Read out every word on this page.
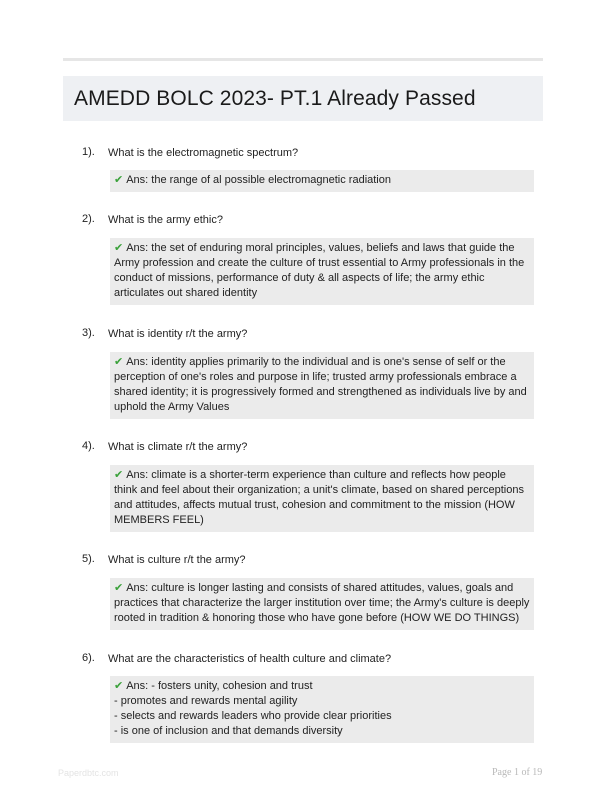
AMEDD BOLC 2023- PT.1 Already Passed
1). What is the electromagnetic spectrum?
✔ Ans: the range of al possible electromagnetic radiation
2). What is the army ethic?
✔ Ans: the set of enduring moral principles, values, beliefs and laws that guide the Army profession and create the culture of trust essential to Army professionals in the conduct of missions, performance of duty & all aspects of life; the army ethic articulates out shared identity
3). What is identity r/t the army?
✔ Ans: identity applies primarily to the individual and is one's sense of self or the perception of one's roles and purpose in life; trusted army professionals embrace a shared identity; it is progressively formed and strengthened as individuals live by and uphold the Army Values
4). What is climate r/t the army?
✔ Ans: climate is a shorter-term experience than culture and reflects how people think and feel about their organization; a unit's climate, based on shared perceptions and attitudes, affects mutual trust, cohesion and commitment to the mission (HOW MEMBERS FEEL)
5). What is culture r/t the army?
✔ Ans: culture is longer lasting and consists of shared attitudes, values, goals and practices that characterize the larger institution over time; the Army's culture is deeply rooted in tradition & honoring those who have gone before (HOW WE DO THINGS)
6). What are the characteristics of health culture and climate?
✔ Ans: - fosters unity, cohesion and trust
- promotes and rewards mental agility
- selects and rewards leaders who provide clear priorities
- is one of inclusion and that demands diversity
Paperdbtc.com	Page 1 of 19
